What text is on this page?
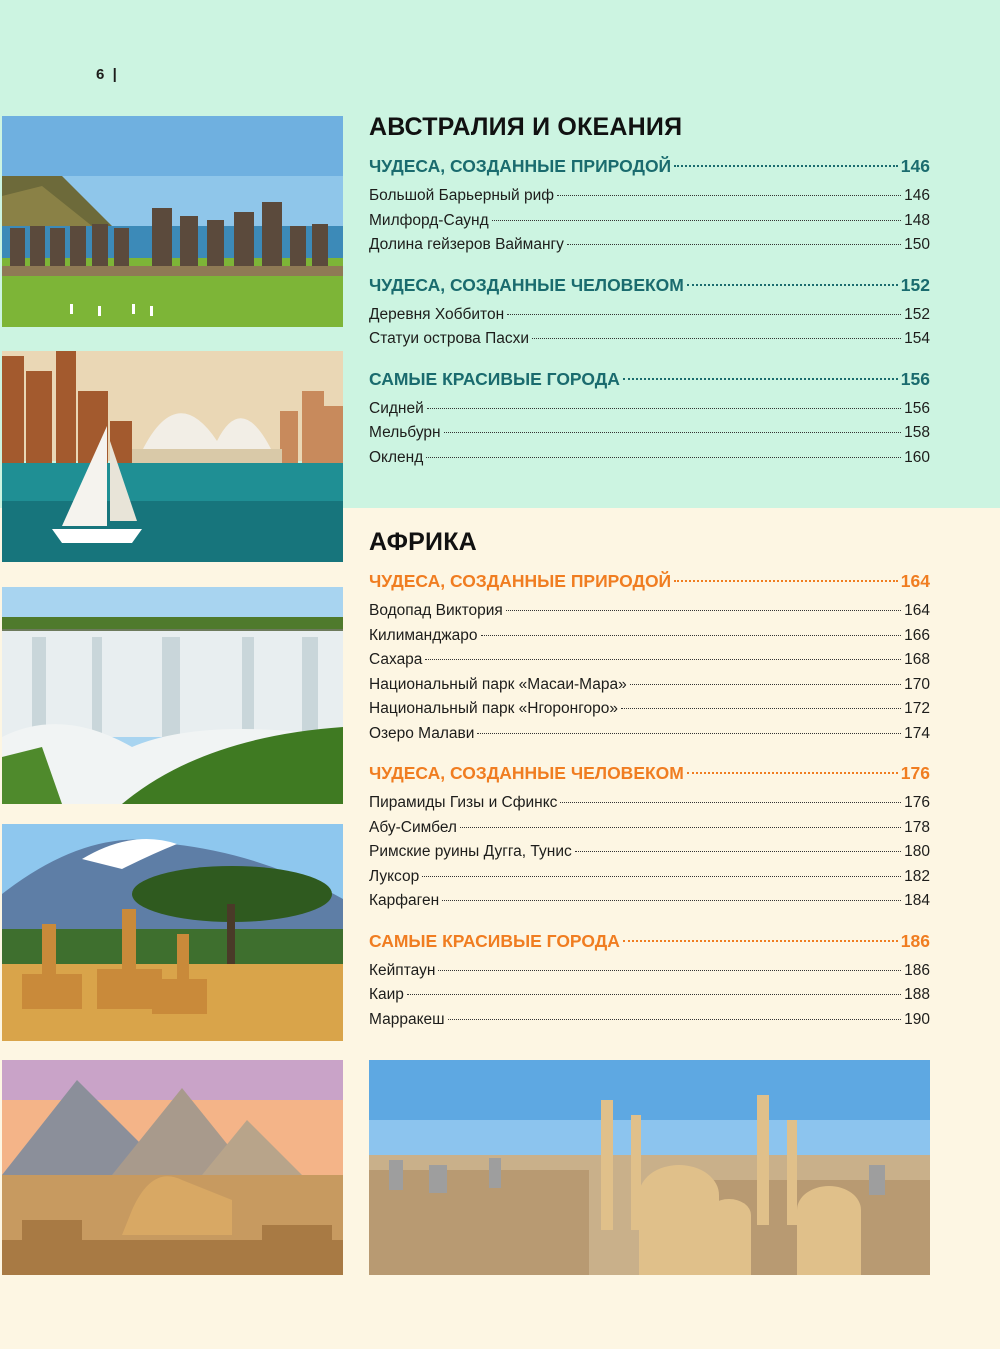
6  |
АВСТРАЛИЯ И ОКЕАНИЯ
ЧУДЕСА, СОЗДАННЫЕ ПРИРОДОЙ	146
Большой Барьерный риф	146
Милфорд-Саунд	148
Долина гейзеров Ваймангу	150
ЧУДЕСА, СОЗДАННЫЕ ЧЕЛОВЕКОМ	152
Деревня Хоббитон	152
Статуи острова Пасхи	154
САМЫЕ КРАСИВЫЕ ГОРОДА	156
Сидней	156
Мельбурн	158
Окленд	160
АФРИКА
ЧУДЕСА, СОЗДАННЫЕ ПРИРОДОЙ	164
Водопад Виктория	164
Килиманджаро	166
Сахара	168
Национальный парк «Масаи-Мара»	170
Национальный парк «Нгоронгоро»	172
Озеро Малави	174
ЧУДЕСА, СОЗДАННЫЕ ЧЕЛОВЕКОМ	176
Пирамиды Гизы и Сфинкс	176
Абу-Симбел	178
Римские руины Дугга, Тунис	180
Луксор	182
Карфаген	184
САМЫЕ КРАСИВЫЕ ГОРОДА	186
Кейптаун	186
Каир	188
Марракеш	190
